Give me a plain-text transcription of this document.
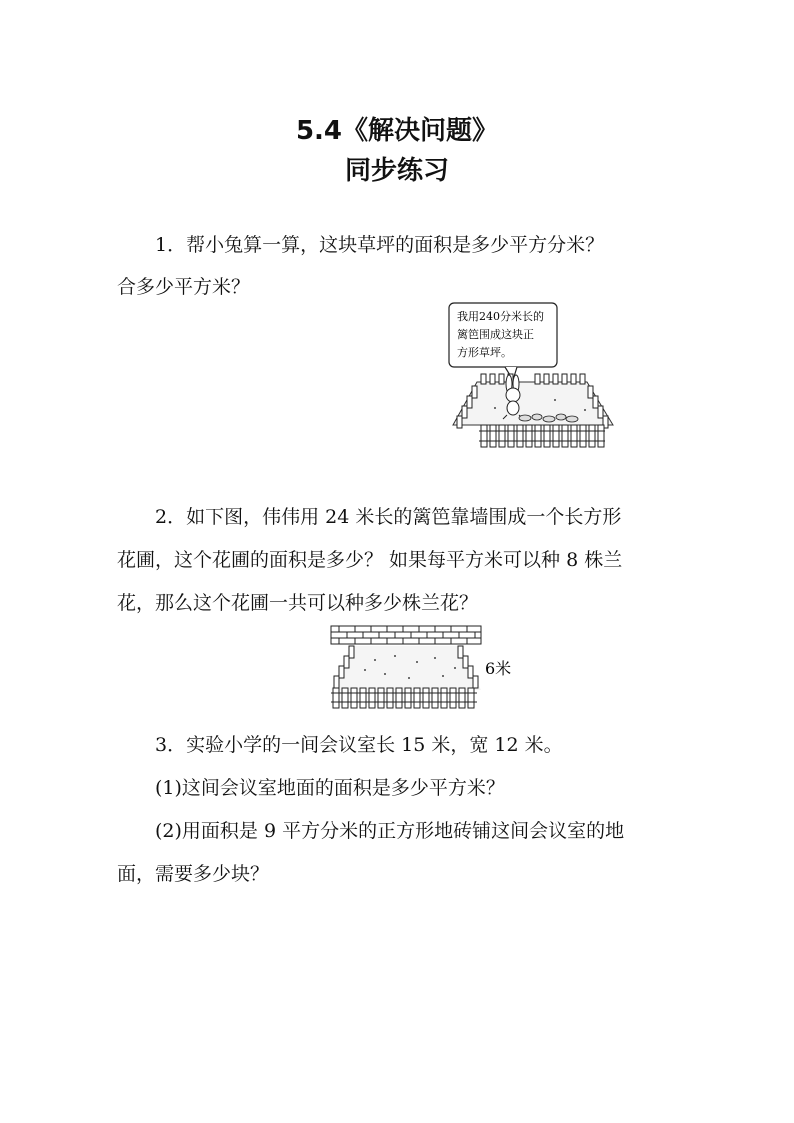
5.4《解决问题》
同步练习
1．帮小兔算一算，这块草坪的面积是多少平方分米？
合多少平方米？
我用240分米长的
篱笆围成这块正
方形草坪。
2．如下图，伟伟用 24 米长的篱笆靠墙围成一个长方形
花圃，这个花圃的面积是多少？ 如果每平方米可以种 8 株兰
花，那么这个花圃一共可以种多少株兰花？
6米
3．实验小学的一间会议室长 15 米，宽 12 米。
(1)这间会议室地面的面积是多少平方米？
(2)用面积是 9 平方分米的正方形地砖铺这间会议室的地
面，需要多少块？
